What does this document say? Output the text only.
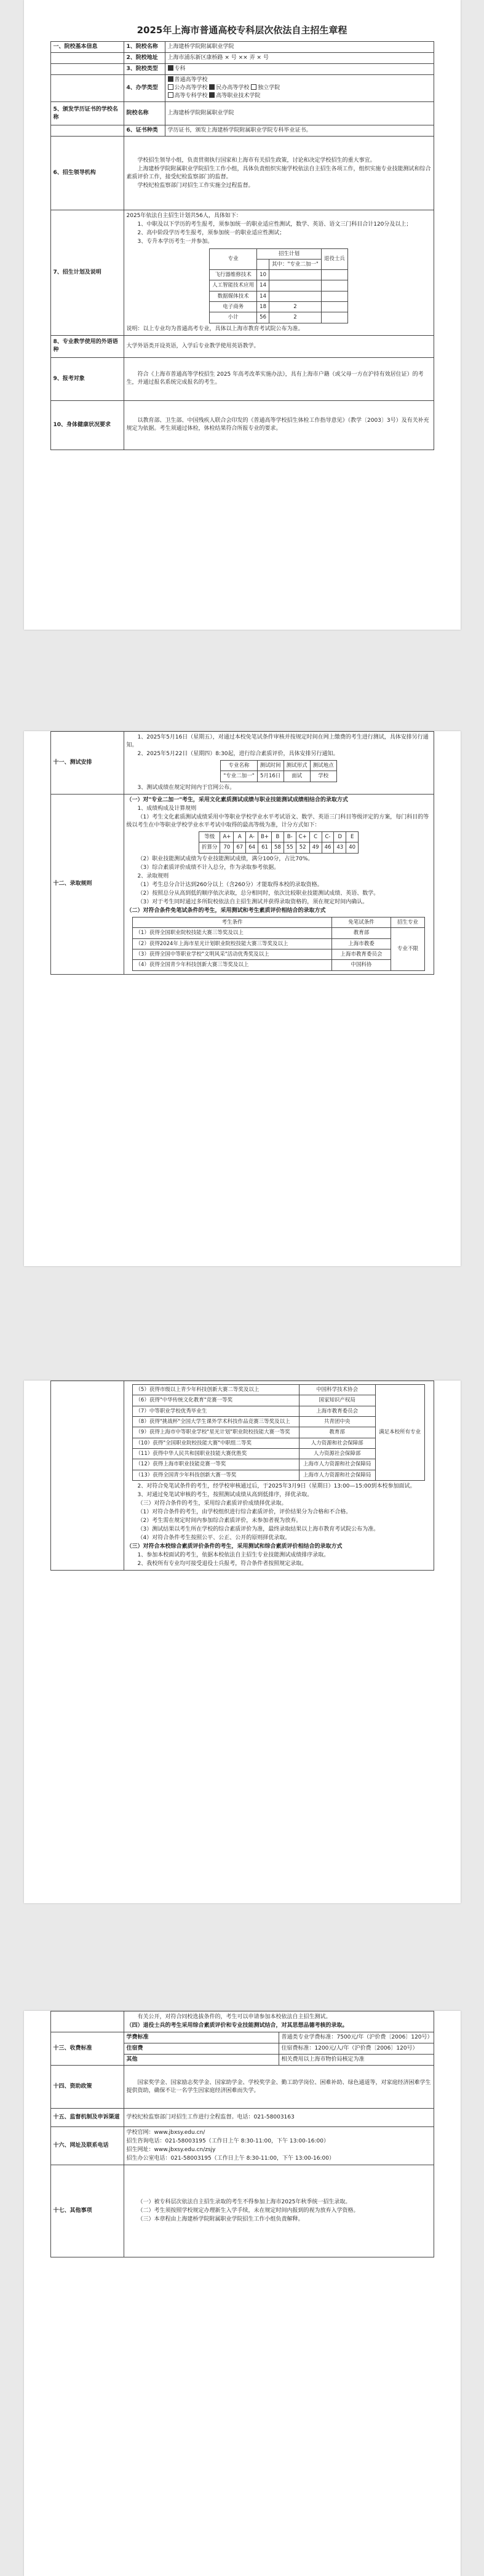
2025年上海市普通高校专科层次依法自主招生章程
一、院校基本信息	1、院校名称	上海建桥学院附属职业学院
	2、院校地址	上海市浦东新区康桥路 × 号 ×× 弄 × 号
	3、院校类型	专科
	4、办学类型	
普通高等学校
公办高等学校 民办高等学校 独立学院
高等专科学校 高等职业技术学院

5、颁发学历证书的学校名称	院校名称	上海建桥学院附属职业学院
	6、证书种类	学历证书，颁发上海建桥学院附属职业学院专科毕业证书。
6、招生领导机构	

学校招生领导小组，负责贯彻执行国家和上海市有关招生政策，讨论和决定学校招生的重大事宜。

上海建桥学院附属职业学院招生工作小组，具体负责组织实施学校依法自主招生各项工作，组织实施专业技能测试和综合素质评价工作，接受纪检监察部门的监督。

学校纪检监察部门对招生工作实施全过程监督。

7、招生计划及说明	

2025年依法自主招生计划共56人，具体如下：

1、中职及以下学历的考生报考，须参加统一的职业适应性测试，数学、英语、语文三门科目合计120分及以上；

2、高中阶段学历考生报考，须参加统一的职业适应性测试；

3、专升本学历考生一并参加。

专业	招生计划	退役士兵
	其中："专业二加一"
飞行器维修技术	10		
人工智能技术应用	14		
数据媒体技术	14		
电子商务	18	2	
小计	56	2	

说明：以上专业均为普通高考专业，具体以上海市教育考试院公布为准。

8、专业教学使用的外语语种	大学外语类开设英语，入学后专业教学使用英语教学。
9、报考对象	

符合《上海市普通高等学校招生 2025 年高考改革实施办法》，具有上海市户籍（或父母一方在沪持有效居住证）的考生，并通过报名系统完成报名的考生。

10、身体健康状况要求	

以教育部、卫生部、中国残疾人联合会印发的《普通高等学校招生体检工作指导意见》（教学〔2003〕3号）及有关补充规定为依据。考生须通过体检，体检结果符合所报专业的要求。

十一、测试安排	

1、2025年5月16日（星期五），对通过本校免笔试条件审核并按规定时间在网上缴费的考生进行测试，具体安排另行通知。

2、2025年5月22日（星期四）8:30起，进行综合素质评价，具体安排另行通知。

专业名称	测试时间	测试形式	测试地点
"专业二加一"	5月16日	面试	学校

3、测试成绩在规定时间内于官网公布。

十二、录取规则	

（一）对"专业二加一"考生，采用文化素质测试成绩与职业技能测试成绩相结合的录取方式

1、成绩构成及计算规则

（1）考生文化素质测试成绩采用中等职业学校学业水平考试语文、数学、英语三门科目等级评定的方案，每门科目的等级以考生在中等职业学校学业水平考试中取得的最高等级为准，计分方式如下：

等级	A+	A	A-	B+	B	B-	C+	C	C-	D	E
折算分	70	67	64	61	58	55	52	49	46	43	40

（2）职业技能测试成绩为专业技能测试成绩，满分100分，占比70%。

（3）综合素质评价成绩不计入总分，作为录取参考依据。

2、录取规则

（1）考生总分合计达到260分以上（含260分）才能取得本校的录取资格。

（2）按照总分从高到低的顺序依次录取，总分相同时，依次比较职业技能测试成绩、英语、数学。

（3）对于考生同时通过多所院校依法自主招生测试并获得录取资格的，须在规定时间内确认。

（二）对符合条件免笔试条件的考生，采用测试和考生素质评价相结合的录取方式

考生条件	免笔试条件	招生专业
（1）获得全国职业院校技能大赛三等奖及以上	教育部	专业不限
（2）获得2024年上海市星光计划职业院校技能大赛三等奖及以上	上海市教委
（3）获得全国中等职业学校"文明风采"活动优秀奖及以上	上海市教育委员会
（4）获得全国青少年科技创新大赛三等奖及以上	中国科协

（5）获得市级以上青少年科技创新大赛二等奖及以上	中国科学技术协会	满足本校所有专业
（6）获得"中华传统文化教育"竞赛一等奖	国家知识产权局
（7）中等职业学校优秀毕业生	上海市教育委员会
（8）获得"挑战杯"全国大学生课外学术科技作品竞赛三等奖及以上	共青团中央
（9）获得上海市中等职业学校"星光计划"职业院校技能大赛一等奖	教育部
（10）获得"全国职业院校技能大赛"中职组二等奖	人力资源和社会保障部
（11）获得中华人民共和国职业技能大赛优胜奖	人力资源社会保障部
（12）获得上海市职业技能竞赛一等奖	上海市人力资源和社会保障局
（13）获得全国青少年科技创新大赛一等奖	上海市人力资源和社会保障局

2、对符合免笔试条件的考生，经学校审核通过后，于2025年3月9日（星期日）13:00—15:00到本校参加面试。

3、对通过免笔试审核的考生，按照测试成绩从高到低排序，择优录取。

（三）对符合条件的考生，采用综合素质评价成绩择优录取。

（1）对符合条件的考生，由学校组织进行综合素质评价，评价结果分为合格和不合格。

（2）考生需在规定时间内参加综合素质评价，未参加者视为放弃。

（3）测试结果以考生所在学校的综合素质评价为准，最终录取结果以上海市教育考试院公布为准。

（4）对符合条件考生按照公平、公正、公开的原则择优录取。

（三）对符合本校综合素质评价条件的考生，采用测试和综合素质评价相结合的录取方式

1、参加本校面试的考生，依据本校依法自主招生专业技能测试成绩排序录取。

2、我校所有专业均可接受退役士兵报考，符合条件者按照规定录取。

	有关公开，对符合同校选拔条件的，考生可以申请参加本校依法自主招生测试。

（四）退役士兵的考生采用综合素质评价和专业技能测试结合，对其思想品德考核的录取。	

十三、收费标准	学费标准	普通类专业学费标准：7500元/年（沪价费〔2006〕120号）
	住宿费	住宿费标准：1200元/人/年（沪价费〔2006〕120号）
	其他	相关费用以上海市物价局核定为准
十四、资助政策	国家奖学金、国家励志奖学金、国家助学金、学校奖学金、勤工助学岗位、困难补助、绿色通道等，对家庭经济困难学生提供资助，确保不让一名学生因家庭经济困难而失学。	

十五、监督机制及申诉渠道	学校纪检监察部门对招生工作进行全程监督。电话：021-58003163	
十六、网址及联系电话	学校官网：www.jbxsy.edu.cn/

招生咨询电话：021-58003195（工作日上午 8:30-11:00，下午 13:00-16:00）

招生网址：www.jbxsy.edu.cn/zsjy

招生办公室电话：021-58003195（工作日上午 8:30-11:00，下午 13:00-16:00）	

十七、其他事项	（一）被专科层次依法自主招生录取的考生不得参加上海市2025年秋季统一招生录取。

（二）考生须按照学校规定办理新生入学手续，未在规定时间内报到的视为放弃入学资格。

（三）本章程由上海建桥学院附属职业学院招生工作小组负责解释。	
